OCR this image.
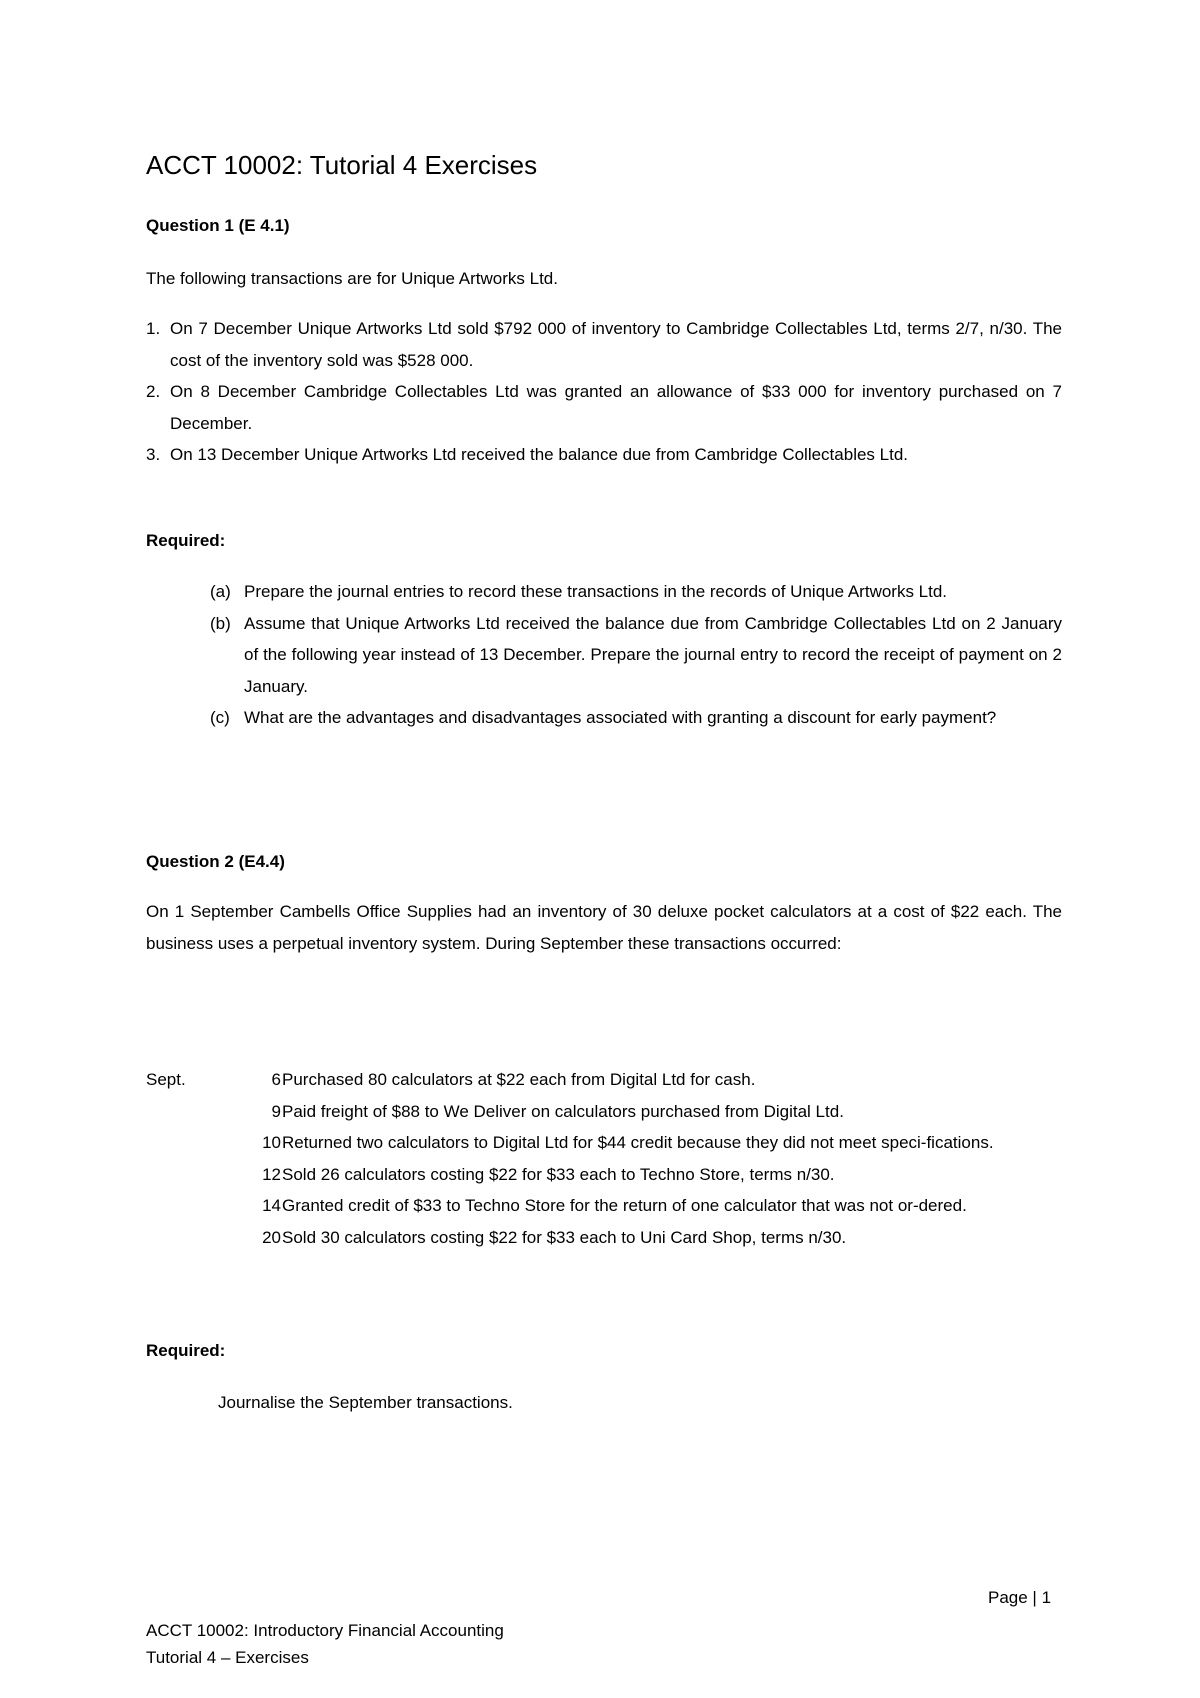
ACCT 10002: Tutorial 4 Exercises
Question 1 (E 4.1)
The following transactions are for Unique Artworks Ltd.
1. On 7 December Unique Artworks Ltd sold $792 000 of inventory to Cambridge Collectables Ltd, terms 2/7, n/30. The cost of the inventory sold was $528 000.
2. On 8 December Cambridge Collectables Ltd was granted an allowance of $33 000 for inventory purchased on 7 December.
3. On 13 December Unique Artworks Ltd received the balance due from Cambridge Collectables Ltd.
Required:
(a) Prepare the journal entries to record these transactions in the records of Unique Artworks Ltd.
(b) Assume that Unique Artworks Ltd received the balance due from Cambridge Collectables Ltd on 2 January of the following year instead of 13 December. Prepare the journal entry to record the receipt of payment on 2 January.
(c) What are the advantages and disadvantages associated with granting a discount for early payment?
Question 2 (E4.4)
On 1 September Cambells Office Supplies had an inventory of 30 deluxe pocket calculators at a cost of $22 each. The business uses a perpetual inventory system. During September these transactions occurred:
Sept.	6 Purchased 80 calculators at $22 each from Digital Ltd for cash.
9 Paid freight of $88 to We Deliver on calculators purchased from Digital Ltd.
10 Returned two calculators to Digital Ltd for $44 credit because they did not meet speci-fications.
12 Sold 26 calculators costing $22 for $33 each to Techno Store, terms n/30.
14 Granted credit of $33 to Techno Store for the return of one calculator that was not or-dered.
20 Sold 30 calculators costing $22 for $33 each to Uni Card Shop, terms n/30.
Required:
Journalise the September transactions.
Page | 1
ACCT 10002: Introductory Financial Accounting
Tutorial 4 – Exercises
